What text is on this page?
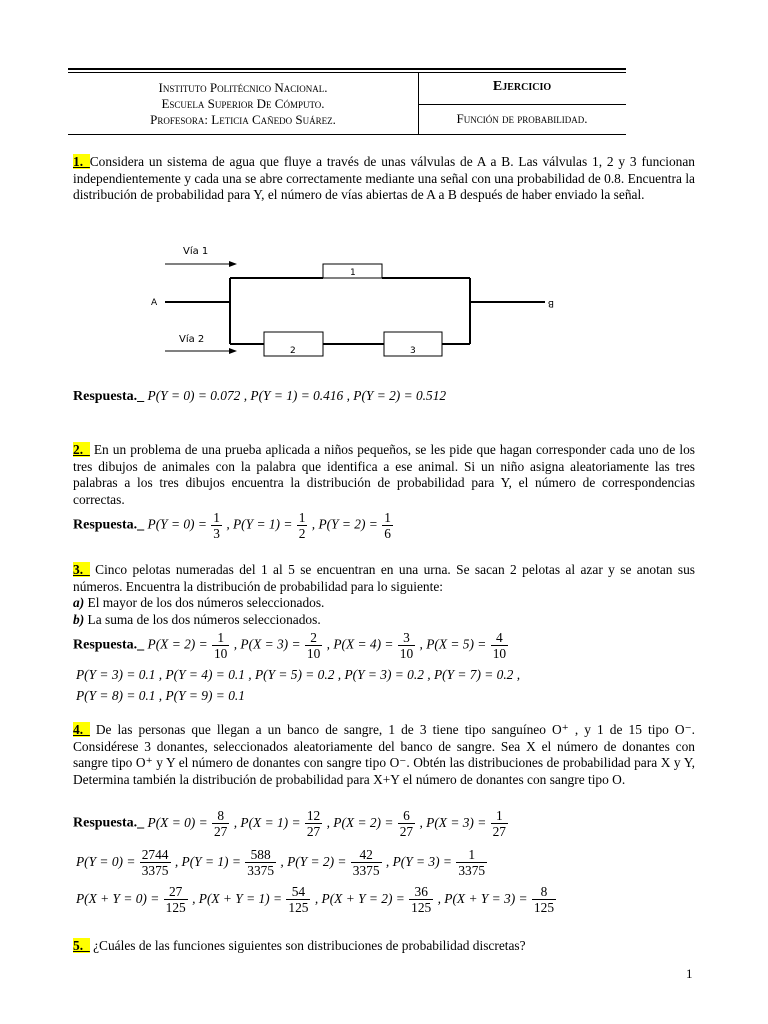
Instituto Politécnico Nacional.
Escuela Superior De Cómputo.
Profesora: Leticia Cañedo Suárez.
Ejercicio
Función de probabilidad.
1._Considera un sistema de agua que fluye a través de unas válvulas de A a B. Las válvulas 1, 2 y 3 funcionan independientemente y cada una se abre correctamente mediante una señal con una probabilidad de 0.8. Encuentra la distribución de probabilidad para Y, el número de vías abiertas de A a B después de haber enviado la señal.
Vía 1
Vía 2
A	B
1
2	3
Respuesta._ P(Y = 0) = 0.072 , P(Y = 1) = 0.416 , P(Y = 2) = 0.512
2._ En un problema de una prueba aplicada a niños pequeños, se les pide que hagan corresponder cada uno de los tres dibujos de animales con la palabra que identifica a ese animal. Si un niño asigna aleatoriamente las tres palabras a los tres dibujos encuentra la distribución de probabilidad para Y, el número de correspondencias correctas.
Respuesta._ $P(Y = 0) = \frac{1}{3}$ , $P(Y = 1) = \frac{1}{2}$ , $P(Y = 2) = \frac{1}{6}$
3._ Cinco pelotas numeradas del 1 al 5 se encuentran en una urna. Se sacan 2 pelotas al azar y se anotan sus números. Encuentra la distribución de probabilidad para lo siguiente:
a) El mayor de los dos números seleccionados.
b) La suma de los dos números seleccionados.
Respuesta._ $P(X = 2) = \frac{1}{10}$ , $P(X = 3) = \frac{2}{10}$ , $P(X = 4) = \frac{3}{10}$ , $P(X = 5) = \frac{4}{10}$
P(Y = 3) = 0.1 , P(Y = 4) = 0.1 , P(Y = 5) = 0.2 , P(Y = 3) = 0.2 , P(Y = 7) = 0.2 ,
P(Y = 8) = 0.1 , P(Y = 9) = 0.1
4._ De las personas que llegan a un banco de sangre, 1 de 3 tiene tipo sanguíneo O⁺ , y 1 de 15 tipo O⁻. Considérese 3 donantes, seleccionados aleatoriamente del banco de sangre. Sea X el número de donantes con sangre tipo O⁺ y Y el número de donantes con sangre tipo O⁻. Obtén las distribuciones de probabilidad para X y Y, Determina también la distribución de probabilidad para X+Y el número de donantes con sangre tipo O.
Respuesta._ $P(X = 0) = \frac{8}{27}$ , $P(X = 1) = \frac{12}{27}$ , $P(X = 2) = \frac{6}{27}$ , $P(X = 3) = \frac{1}{27}$
$P(Y = 0) = \frac{2744}{3375}$ , $P(Y = 1) = \frac{588}{3375}$ , $P(Y = 2) = \frac{42}{3375}$ , $P(Y = 3) = \frac{1}{3375}$
$P(X + Y = 0) = \frac{27}{125}$ , $P(X + Y = 1) = \frac{54}{125}$ , $P(X + Y = 2) = \frac{36}{125}$ , $P(X + Y = 3) = \frac{8}{125}$
5._ ¿Cuáles de las funciones siguientes son distribuciones de probabilidad discretas?
1
